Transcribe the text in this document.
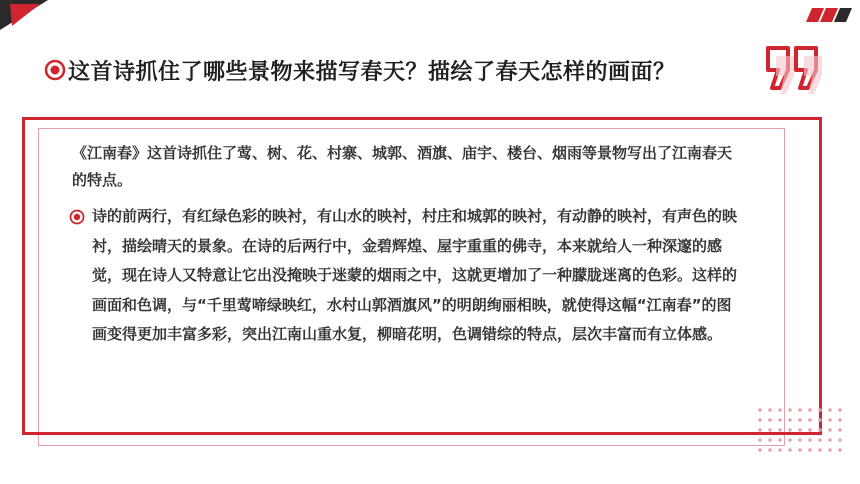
这首诗抓住了哪些景物来描写春天？描绘了春天怎样的画面？

《江南春》这首诗抓住了莺、树、花、村寨、城郭、酒旗、庙宇、楼台、烟雨等景物写出了江南春天的特点。

诗的前两行，有红绿色彩的映衬，有山水的映衬，村庄和城郭的映衬，有动静的映衬，有声色的映衬，描绘晴天的景象。在诗的后两行中，金碧辉煌、屋宇重重的佛寺，本来就给人一种深邃的感觉，现在诗人又特意让它出没掩映于迷蒙的烟雨之中，这就更增加了一种朦胧迷离的色彩。这样的画面和色调，与“千里莺啼绿映红，水村山郭酒旗风”的明朗绚丽相映，就使得这幅“江南春”的图画变得更加丰富多彩，突出江南山重水复，柳暗花明，色调错综的特点，层次丰富而有立体感。
